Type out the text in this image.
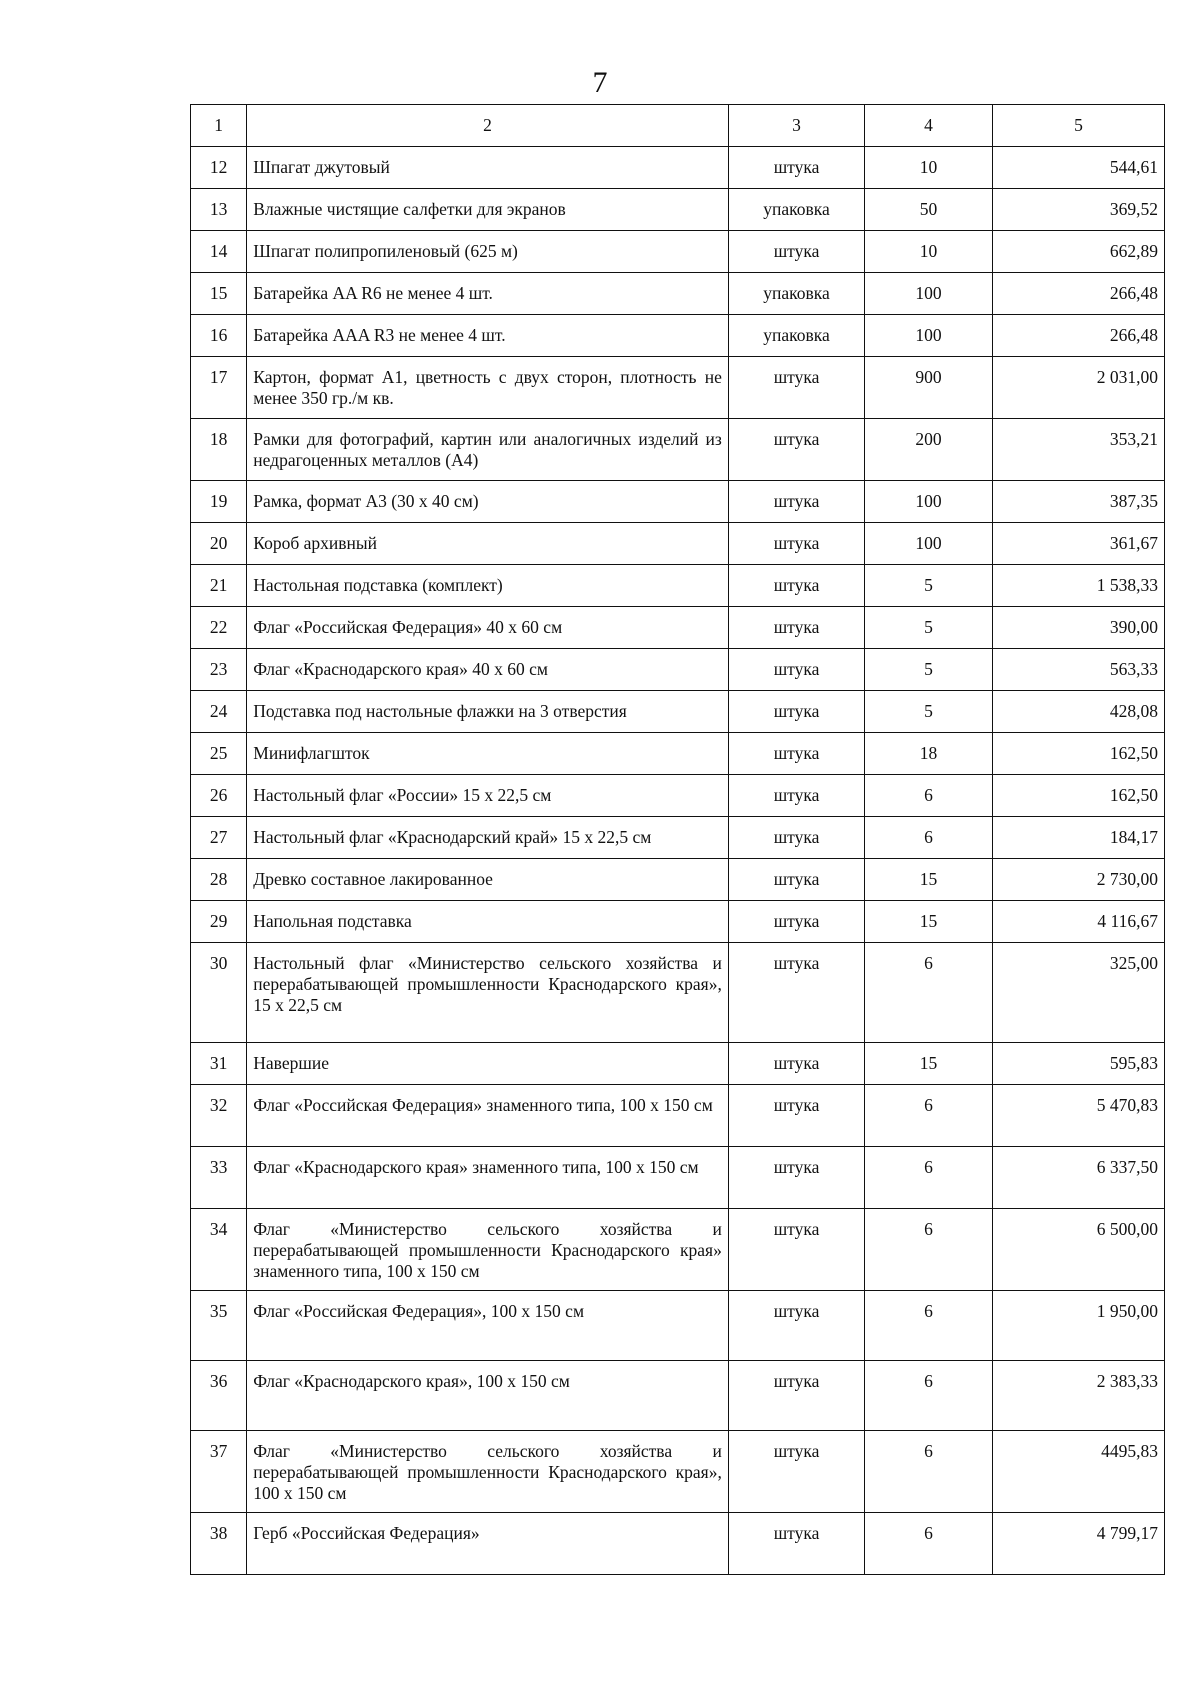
7
1	2	3	4	5
12	Шпагат джутовый	штука	10	544,61
13	Влажные чистящие салфетки для экранов	упаковка	50	369,52
14	Шпагат полипропиленовый (625 м)	штука	10	662,89
15	Батарейка AA R6 не менее 4 шт.	упаковка	100	266,48
16	Батарейка AAA R3 не менее 4 шт.	упаковка	100	266,48
17	Картон, формат А1, цветность с двух сторон, плотность не менее 350 гр./м кв.	штука	900	2 031,00
18	Рамки для фотографий, картин или аналогичных изделий из недрагоценных металлов (А4)	штука	200	353,21
19	Рамка, формат А3 (30 х 40 см)	штука	100	387,35
20	Короб архивный	штука	100	361,67
21	Настольная подставка (комплект)	штука	5	1 538,33
22	Флаг «Российская Федерация» 40 х 60 см	штука	5	390,00
23	Флаг «Краснодарского края» 40 х 60 см	штука	5	563,33
24	Подставка под настольные флажки на 3 отверстия	штука	5	428,08
25	Минифлагшток	штука	18	162,50
26	Настольный флаг «России» 15 х 22,5 см	штука	6	162,50
27	Настольный флаг «Краснодарский край» 15 х 22,5 см	штука	6	184,17
28	Древко составное лакированное	штука	15	2 730,00
29	Напольная подставка	штука	15	4 116,67
30	Настольный флаг «Министерство сельского хозяйства и перерабатывающей промышленности Краснодарского края», 15 х 22,5 см	штука	6	325,00
31	Навершие	штука	15	595,83
32	Флаг «Российская Федерация» знаменного типа, 100 х 150 см	штука	6	5 470,83
33	Флаг «Краснодарского края» знаменного типа, 100 х 150 см	штука	6	6 337,50
34	Флаг «Министерство сельского хозяйства и перерабатывающей промышленности Краснодарского края» знаменного типа, 100 х 150 см	штука	6	6 500,00
35	Флаг «Российская Федерация», 100 х 150 см	штука	6	1 950,00
36	Флаг «Краснодарского края», 100 х 150 см	штука	6	2 383,33
37	Флаг «Министерство сельского хозяйства и перерабатывающей промышленности Краснодарского края», 100 х 150 см	штука	6	4495,83
38	Герб «Российская Федерация»	штука	6	4 799,17
